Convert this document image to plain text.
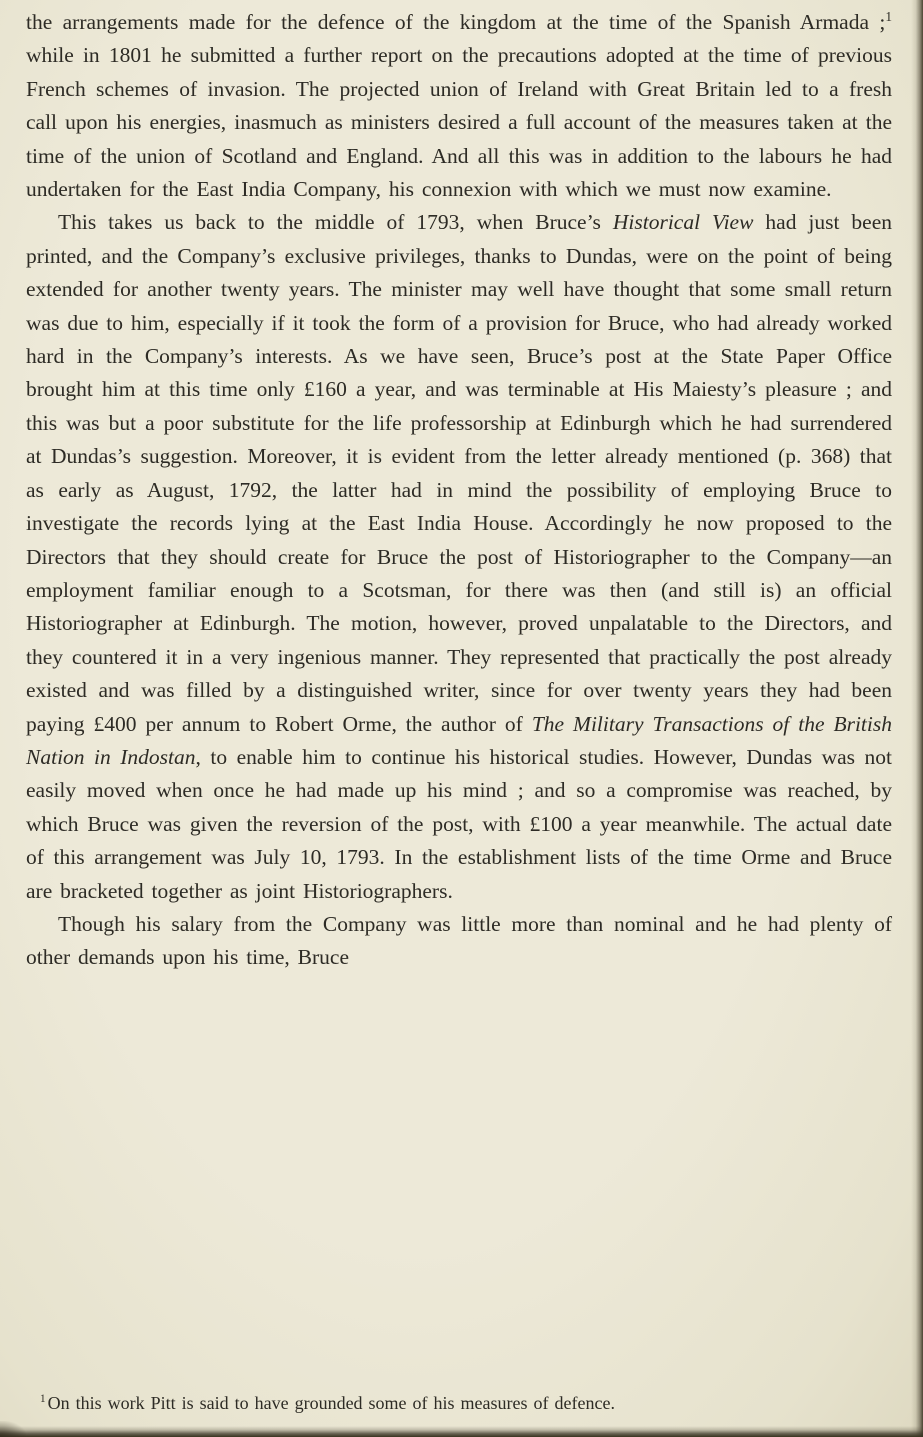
the arrangements made for the defence of the kingdom at the time of the Spanish Armada ;$^1$ while in 1801 he submitted a further report on the precautions adopted at the time of previous French schemes of invasion. The projected union of Ireland with Great Britain led to a fresh call upon his energies, inasmuch as ministers desired a full account of the measures taken at the time of the union of Scotland and England. And all this was in addition to the labours he had undertaken for the East India Company, his connexion with which we must now examine.

This takes us back to the middle of 1793, when Bruce’s Historical View had just been printed, and the Company’s exclusive privileges, thanks to Dundas, were on the point of being extended for another twenty years. The minister may well have thought that some small return was due to him, especially if it took the form of a provision for Bruce, who had already worked hard in the Company’s interests. As we have seen, Bruce’s post at the State Paper Office brought him at this time only £160 a year, and was terminable at His Maiesty’s pleasure ; and this was but a poor substitute for the life professorship at Edinburgh which he had surrendered at Dundas’s suggestion. Moreover, it is evident from the letter already mentioned (p. 368) that as early as August, 1792, the latter had in mind the possibility of employing Bruce to investigate the records lying at the East India House. Accordingly he now proposed to the Directors that they should create for Bruce the post of Historiographer to the Company—an employment familiar enough to a Scotsman, for there was then (and still is) an official Historiographer at Edinburgh. The motion, however, proved unpalatable to the Directors, and they countered it in a very ingenious manner. They represented that practically the post already existed and was filled by a distinguished writer, since for over twenty years they had been paying £400 per annum to Robert Orme, the author of The Military Transactions of the British Nation in Indostan, to enable him to continue his historical studies. However, Dundas was not easily moved when once he had made up his mind ; and so a compromise was reached, by which Bruce was given the reversion of the post, with £100 a year meanwhile. The actual date of this arrangement was July 10, 1793. In the establishment lists of the time Orme and Bruce are bracketed together as joint Historiographers.

Though his salary from the Company was little more than nominal and he had plenty of other demands upon his time, Bruce

$^1$ On this work Pitt is said to have grounded some of his measures of defence.
